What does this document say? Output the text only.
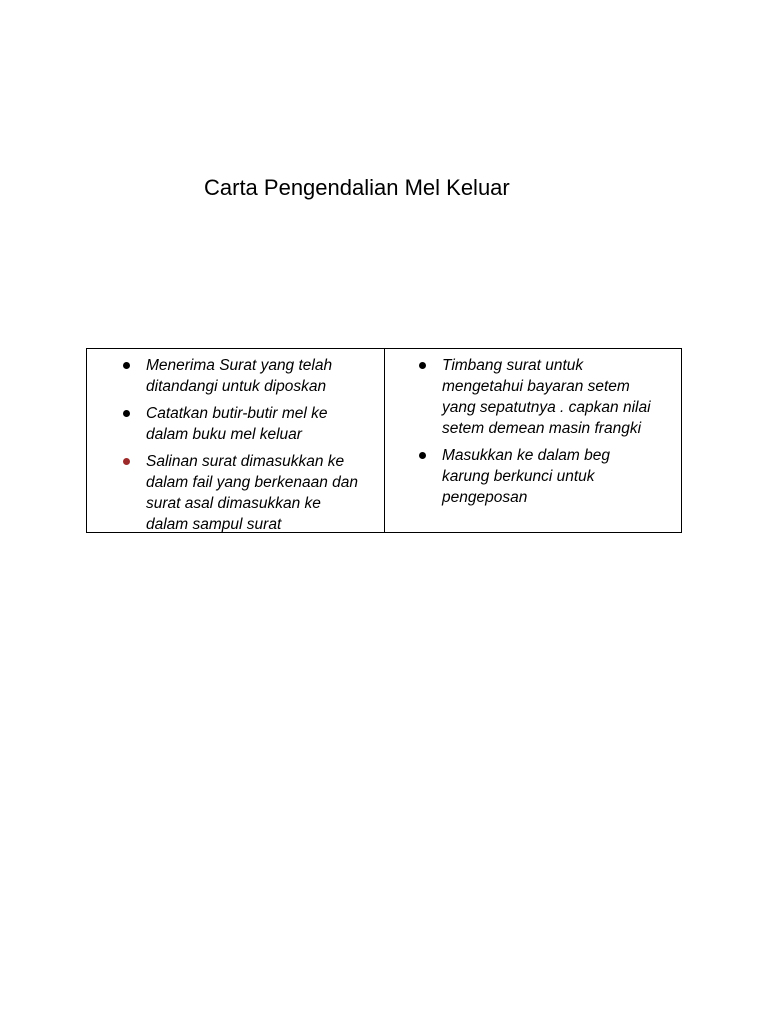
Carta Pengendalian Mel Keluar
Menerima Surat yang telah
ditandangi untuk diposkan
Catatkan butir-butir mel ke
dalam buku mel keluar
Salinan surat dimasukkan ke
dalam fail yang berkenaan dan
surat asal dimasukkan ke
dalam sampul surat
Timbang surat untuk
mengetahui bayaran setem
yang sepatutnya . capkan nilai
setem demean masin frangki
Masukkan ke dalam beg
karung berkunci untuk
pengeposan
